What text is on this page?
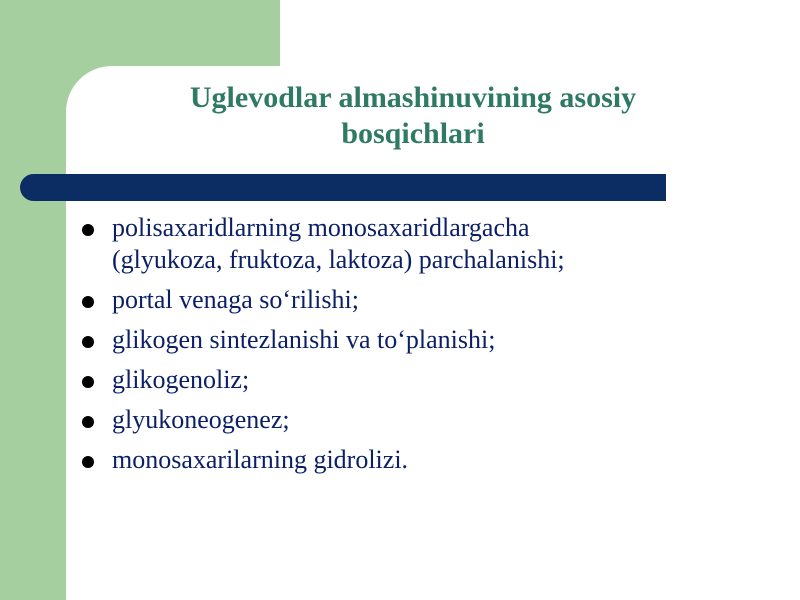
Uglevodlar almashinuvining asosiy
bosqichlari
polisaxaridlarning monosaxaridlargacha
(glyukoza, fruktoza, laktoza) parchalanishi;
portal venaga so‘rilishi;
glikogen sintezlanishi va to‘planishi;
glikogenoliz;
glyukoneogenez;
monosaxarilarning gidrolizi.
